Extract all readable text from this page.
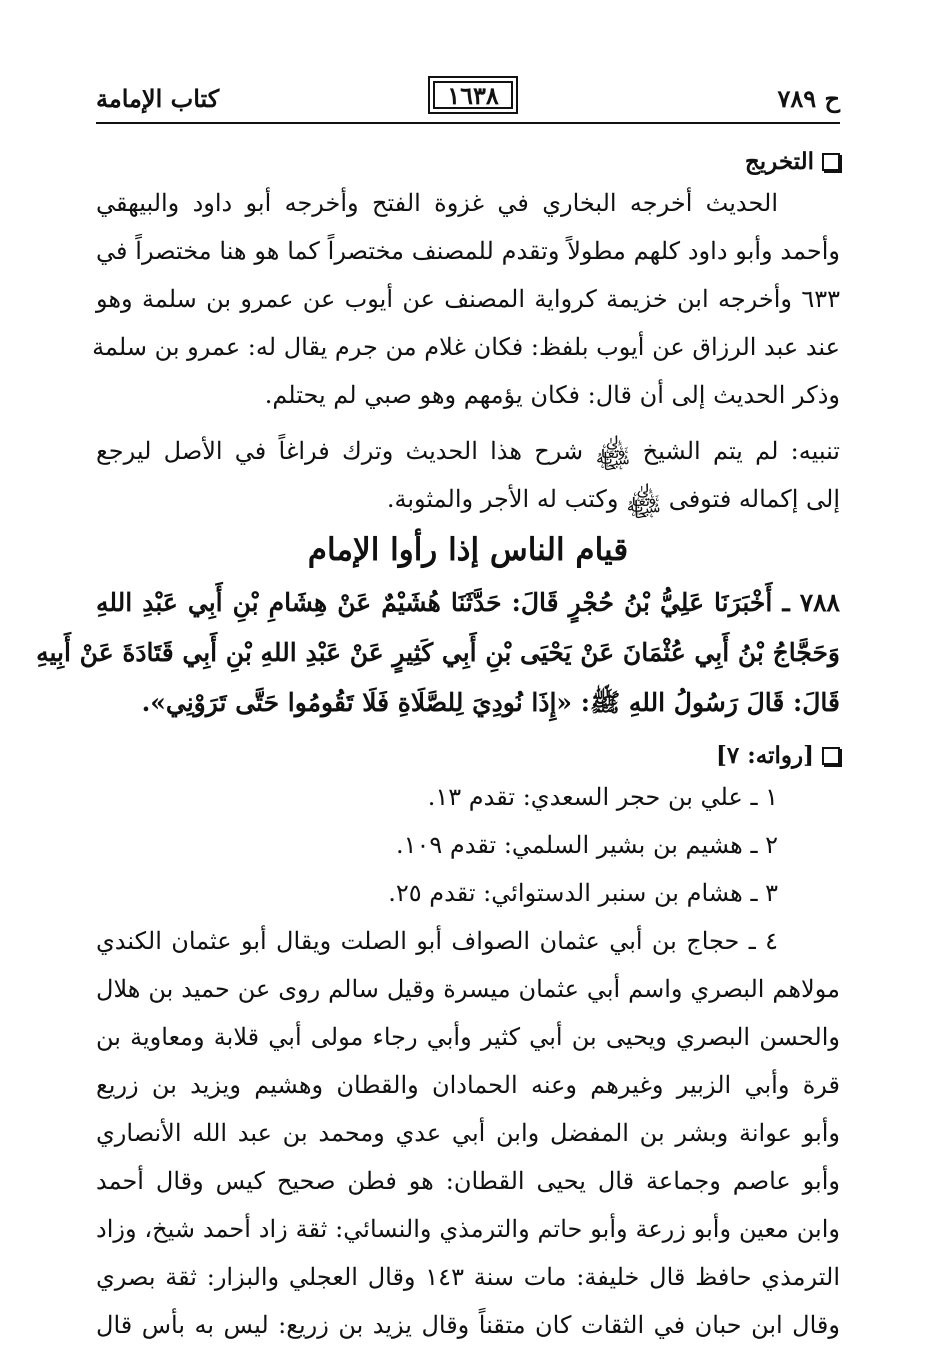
ح ٧٨٩
١٦٣٨
كتاب الإمامة
التخريج

الحديث أخرجه البخاري في غزوة الفتح وأخرجه أبو داود والبيهقي

وأحمد وأبو داود كلهم مطولاً وتقدم للمصنف مختصراً كما هو هنا مختصراً في

٦٣٣ وأخرجه ابن خزيمة كرواية المصنف عن أيوب عن عمرو بن سلمة وهو

عند عبد الرزاق عن أيوب بلفظ: فكان غلام من جرم يقال له: عمرو بن سلمة

وذكر الحديث إلى أن قال: فكان يؤمهم وهو صبي لم يحتلم.

تنبيه: لم يتم الشيخ ﷾ شرح هذا الحديث وترك فراغاً في الأصل ليرجع

إلى إكماله فتوفى ﷾ وكتب له الأجر والمثوبة.

قيام الناس إذا رأوا الإمام

٧٨٨ ـ أَخْبَرَنَا عَلِيُّ بْنُ حُجْرٍ قَالَ: حَدَّثَنَا هُشَيْمٌ عَنْ هِشَامِ بْنِ أَبِي عَبْدِ اللهِ

وَحَجَّاجُ بْنُ أَبِي عُثْمَانَ عَنْ يَحْيَى بْنِ أَبِي كَثِيرٍ عَنْ عَبْدِ اللهِ بْنِ أَبِي قَتَادَةَ عَنْ أَبِيهِ

قَالَ: قَالَ رَسُولُ اللهِ ﷺ: «إِذَا نُودِيَ لِلصَّلَاةِ فَلَا تَقُومُوا حَتَّى تَرَوْنِي».

[رواته: ٧]

١ ـ علي بن حجر السعدي: تقدم ١٣.

٢ ـ هشيم بن بشير السلمي: تقدم ١٠٩.

٣ ـ هشام بن سنبر الدستوائي: تقدم ٢٥.

٤ ـ حجاج بن أبي عثمان الصواف أبو الصلت ويقال أبو عثمان الكندي

مولاهم البصري واسم أبي عثمان ميسرة وقيل سالم روى عن حميد بن هلال

والحسن البصري ويحيى بن أبي كثير وأبي رجاء مولى أبي قلابة ومعاوية بن

قرة وأبي الزبير وغيرهم وعنه الحمادان والقطان وهشيم ويزيد بن زريع

وأبو عوانة وبشر بن المفضل وابن أبي عدي ومحمد بن عبد الله الأنصاري

وأبو عاصم وجماعة قال يحيى القطان: هو فطن صحيح كيس وقال أحمد

وابن معين وأبو زرعة وأبو حاتم والترمذي والنسائي: ثقة زاد أحمد شيخ، وزاد

الترمذي حافظ قال خليفة: مات سنة ١٤٣ وقال العجلي والبزار: ثقة بصري

وقال ابن حبان في الثقات كان متقناً وقال يزيد بن زريع: ليس به بأس قال
